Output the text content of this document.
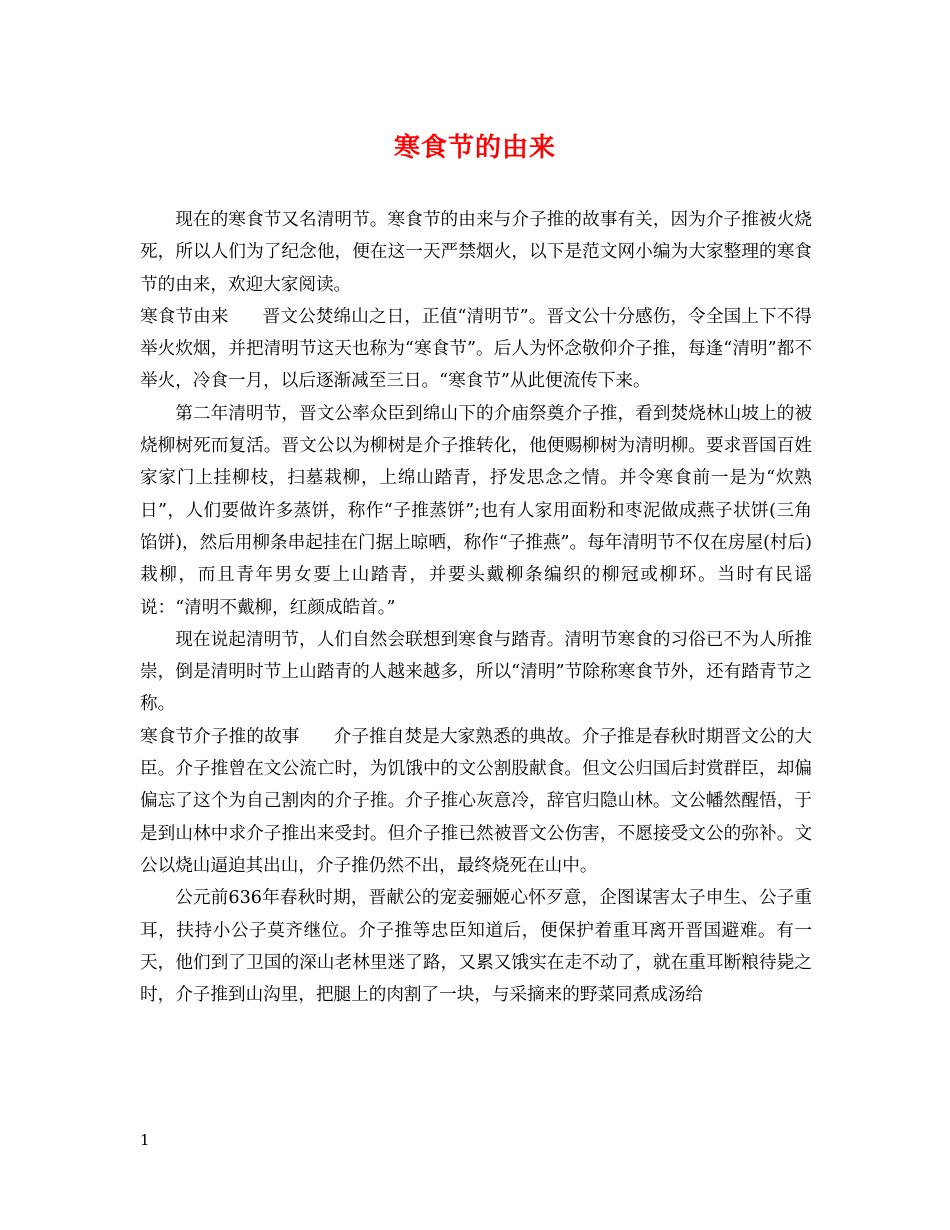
寒食节的由来

现在的寒食节又名清明节。寒食节的由来与介子推的故事有关，因为介子推被火烧死，所以人们为了纪念他，便在这一天严禁烟火，以下是范文网小编为大家整理的寒食节的由来，欢迎大家阅读。

寒食节由来 晋文公焚绵山之日，正值“清明节”。晋文公十分感伤，令全国上下不得举火炊烟，并把清明节这天也称为“寒食节”。后人为怀念敬仰介子推，每逢“清明”都不举火，冷食一月，以后逐渐减至三日。“寒食节”从此便流传下来。

第二年清明节，晋文公率众臣到绵山下的介庙祭奠介子推，看到焚烧林山坡上的被烧柳树死而复活。晋文公以为柳树是介子推转化，他便赐柳树为清明柳。要求晋国百姓家家门上挂柳枝，扫墓栽柳，上绵山踏青，抒发思念之情。并令寒食前一是为“炊熟日”，人们要做许多蒸饼，称作“子推蒸饼”;也有人家用面粉和枣泥做成燕子状饼(三角馅饼)，然后用柳条串起挂在门据上晾晒，称作“子推燕”。每年清明节不仅在房屋(村后)栽柳，而且青年男女要上山踏青，并要头戴柳条编织的柳冠或柳环。当时有民谣说：“清明不戴柳，红颜成皓首。”

现在说起清明节，人们自然会联想到寒食与踏青。清明节寒食的习俗已不为人所推崇，倒是清明时节上山踏青的人越来越多，所以“清明”节除称寒食节外，还有踏青节之称。

寒食节介子推的故事 介子推自焚是大家熟悉的典故。介子推是春秋时期晋文公的大臣。介子推曾在文公流亡时，为饥饿中的文公割股献食。但文公归国后封赏群臣，却偏偏忘了这个为自己割肉的介子推。介子推心灰意冷，辞官归隐山林。文公幡然醒悟，于是到山林中求介子推出来受封。但介子推已然被晋文公伤害，不愿接受文公的弥补。文公以烧山逼迫其出山，介子推仍然不出，最终烧死在山中。

公元前636年春秋时期，晋献公的宠妾骊姬心怀歹意，企图谋害太子申生、公子重耳，扶持小公子莫齐继位。介子推等忠臣知道后，便保护着重耳离开晋国避难。有一天，他们到了卫国的深山老林里迷了路，又累又饿实在走不动了，就在重耳断粮待毙之时，介子推到山沟里，把腿上的肉割了一块，与采摘来的野菜同煮成汤给

1
